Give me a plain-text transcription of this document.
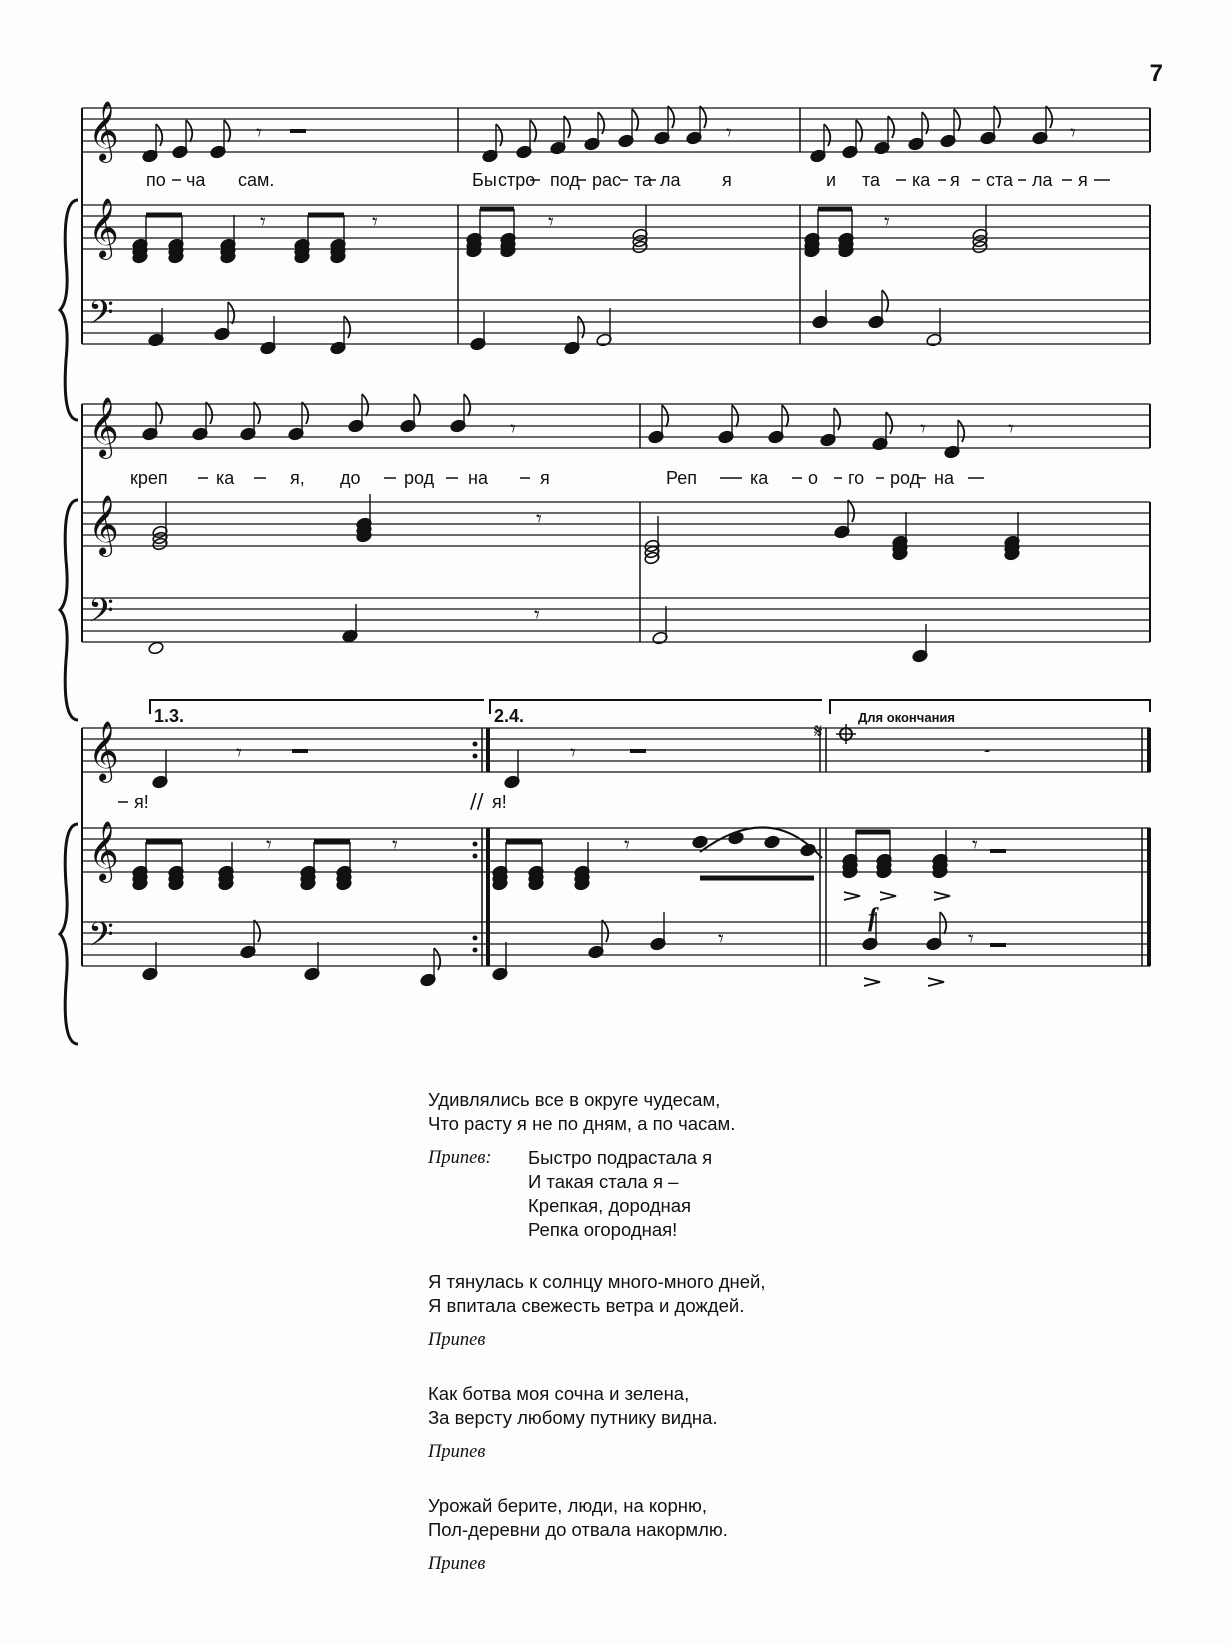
7
𝄾	𝄾	𝄾
𝄾	𝄾	𝄾	𝄾
𝄾	𝄾	𝄾
𝄾
𝄾
𝄾	𝄾	𝄼
𝄾	𝄾	𝄾	𝄾
𝄾	𝄾
𝄞
𝄞
𝄢
𝄞
𝄞
𝄢
𝄞
𝄞
𝄢
по ча сам.	Бы стро под рас та ла я	и та ка я ста ла я
креп	ка	я, до род на	я	Реп	ка о го род на
я!	я!
//
1.3.	2.4.	Для окончания
𝄋
f

Удивлялись все в округе чудесам,

Что расту я не по дням, а по часам.

Припев:	Быстро подрастала я

И такая стала я –

Крепкая, дородная

Репка огородная!

Я тянулась к солнцу много-много дней,

Я впитала свежесть ветра и дождей.

Припев

Как ботва моя сочна и зелена,

За версту любому путнику видна.

Припев

Урожай берите, люди, на корню,

Пол-деревни до отвала накормлю.

Припев
